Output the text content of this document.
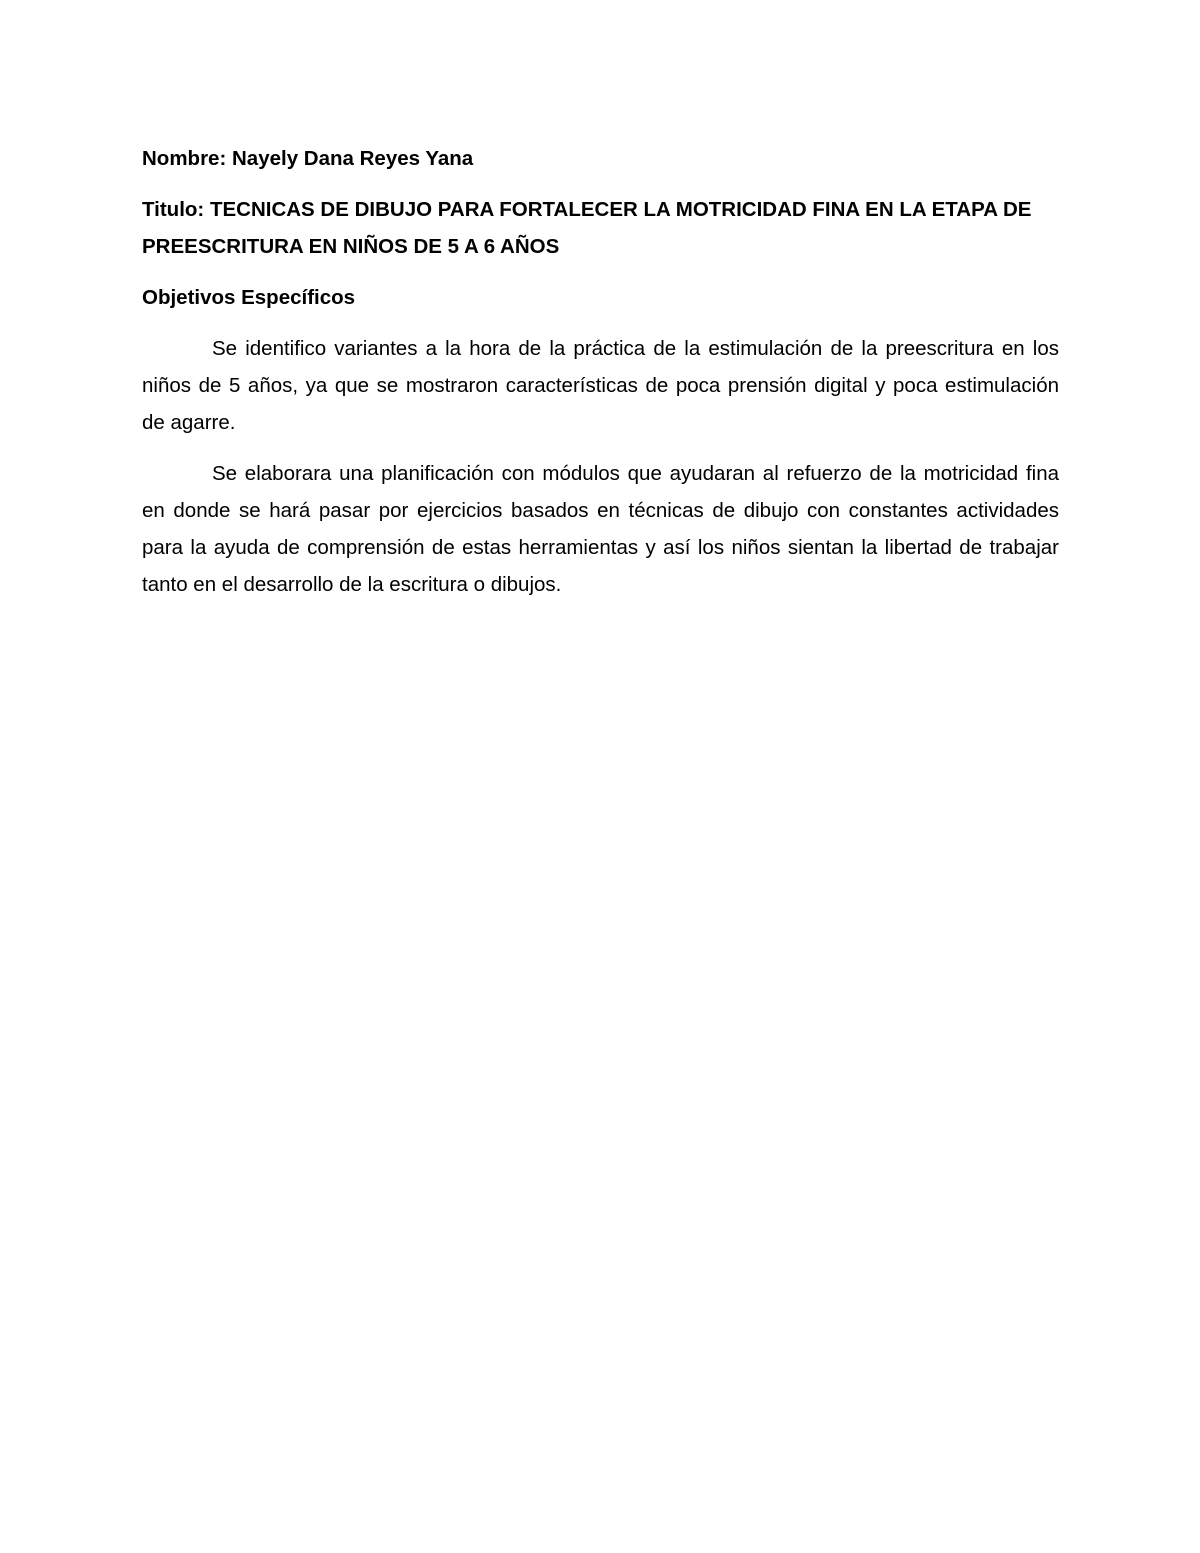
Nombre: Nayely Dana Reyes Yana

Titulo: TECNICAS DE DIBUJO PARA FORTALECER LA MOTRICIDAD FINA EN LA ETAPA DE PREESCRITURA EN NIÑOS DE 5 A 6 AÑOS

Objetivos Específicos

Se identifico variantes a la hora de la práctica de la estimulación de la preescritura en los niños de 5 años, ya que se mostraron características de poca prensión digital y poca estimulación de agarre.

Se elaborara una planificación con módulos que ayudaran al refuerzo de la motricidad fina en donde se hará pasar por ejercicios basados en técnicas de dibujo con constantes actividades para la ayuda de comprensión de estas herramientas y así los niños sientan la libertad de trabajar tanto en el desarrollo de la escritura o dibujos.
